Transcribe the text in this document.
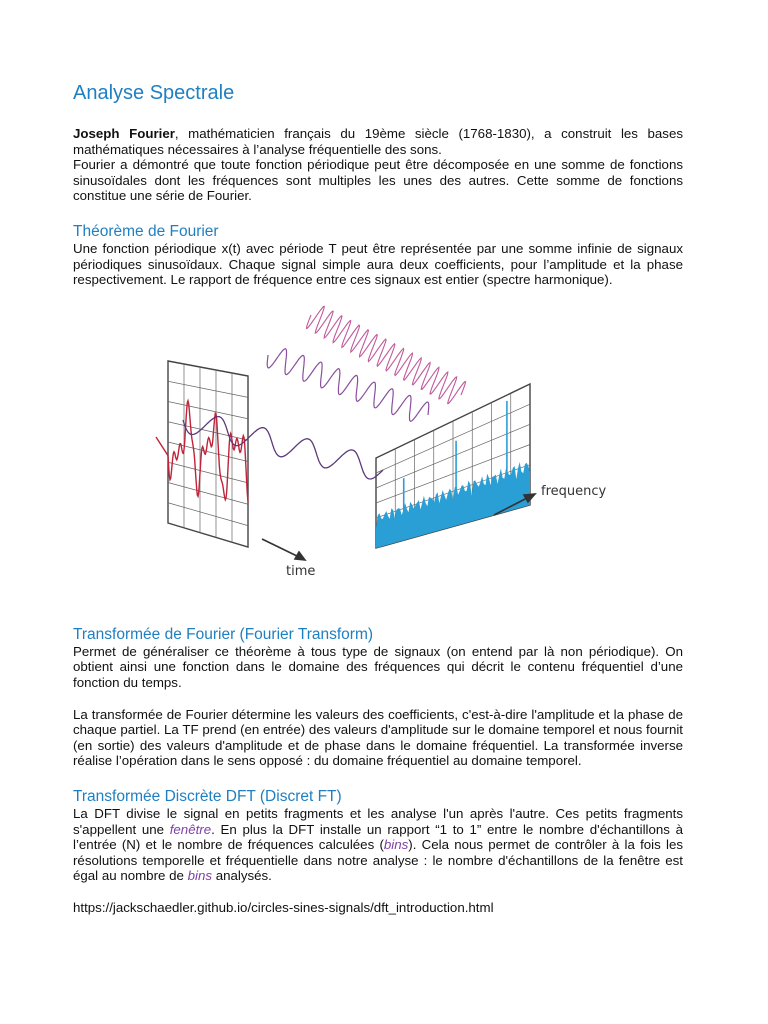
Analyse Spectrale

Joseph Fourier, mathématicien français du 19ème siècle (1768-1830), a construit les bases mathématiques nécessaires à l’analyse fréquentielle des sons.
Fourier a démontré que toute fonction périodique peut être décomposée en une somme de fonctions sinusoïdales dont les fréquences sont multiples les unes des autres. Cette somme de fonctions constitue une série de Fourier.

Théorème de Fourier

Une fonction périodique x(t) avec période T peut être représentée par une somme infinie de signaux périodiques sinusoïdaux. Chaque signal simple aura deux coefficients, pour l’amplitude et la phase respectivement. Le rapport de fréquence entre ces signaux est entier (spectre harmonique).

time
frequency
Transformée de Fourier (Fourier Transform)

Permet de généraliser ce théorème à tous type de signaux (on entend par là non périodique). On obtient ainsi une fonction dans le domaine des fréquences qui décrit le contenu fréquentiel d’une fonction du temps.

La transformée de Fourier détermine les valeurs des coefficients, c'est-à-dire l'amplitude et la phase de chaque partiel. La TF prend (en entrée) des valeurs d'amplitude sur le domaine temporel et nous fournit (en sortie) des valeurs d'amplitude et de phase dans le domaine fréquentiel. La transformée inverse réalise l’opération dans le sens opposé : du domaine fréquentiel au domaine temporel.

Transformée Discrète DFT (Discret FT)

La DFT divise le signal en petits fragments et les analyse l'un après l'autre. Ces petits fragments s'appellent une fenêtre. En plus la DFT installe un rapport “1 to 1” entre le nombre d'échantillons à l’entrée (N) et le nombre de fréquences calculées (bins). Cela nous permet de contrôler à la fois les résolutions temporelle et fréquentielle dans notre analyse : le nombre d'échantillons de la fenêtre est égal au nombre de bins analysés.

https://jackschaedler.github.io/circles-sines-signals/dft_introduction.html
